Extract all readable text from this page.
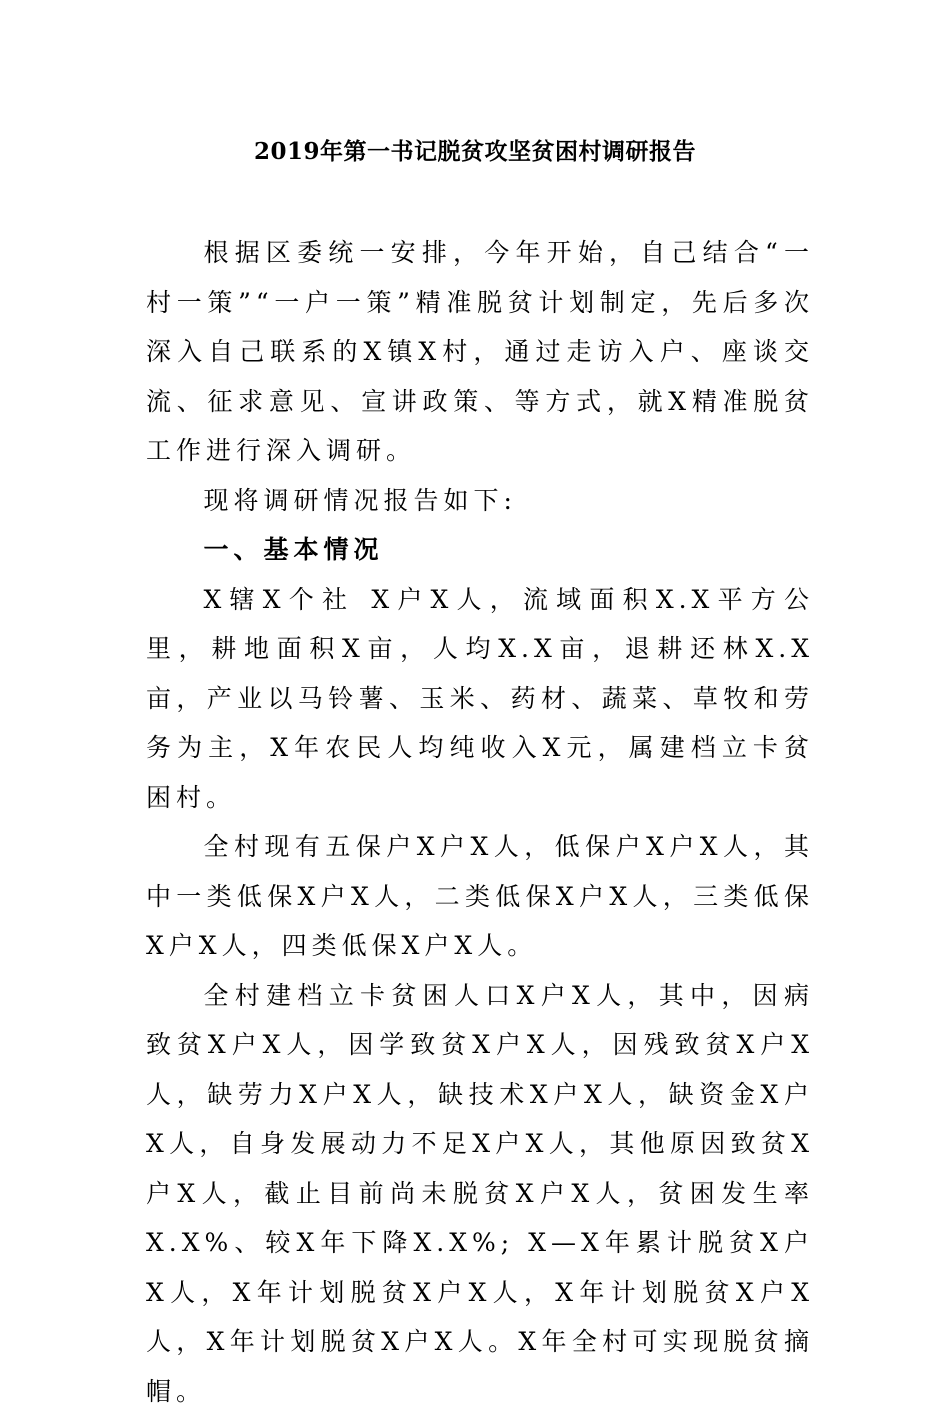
2019年第一书记脱贫攻坚贫困村调研报告

根据区委统一安排，今年开始，自己结合“一村一策”“一户一策”精准脱贫计划制定，先后多次深入自己联系的X镇X村，通过走访入户、座谈交流、征求意见、宣讲政策、等方式，就X精准脱贫工作进行深入调研。

现将调研情况报告如下:

一、基本情况

X辖X个社 X户X人，流域面积X.X平方公里，耕地面积X亩，人均X.X亩，退耕还林X.X亩，产业以马铃薯、玉米、药材、蔬菜、草牧和劳务为主，X年农民人均纯收入X元，属建档立卡贫困村。

全村现有五保户X户X人，低保户X户X人，其中一类低保X户X人，二类低保X户X人，三类低保X户X人，四类低保X户X人。

全村建档立卡贫困人口X户X人，其中，因病致贫X户X人，因学致贫X户X人，因残致贫X户X人，缺劳力X户X人，缺技术X户X人，缺资金X户X人，自身发展动力不足X户X人，其他原因致贫X户X人，截止目前尚未脱贫X户X人，贫困发生率X.X%、较X年下降X.X%; X—X年累计脱贫X户X人，X年计划脱贫X户X人，X年计划脱贫X户X人，X年计划脱贫X户X人。X年全村可实现脱贫摘帽。
